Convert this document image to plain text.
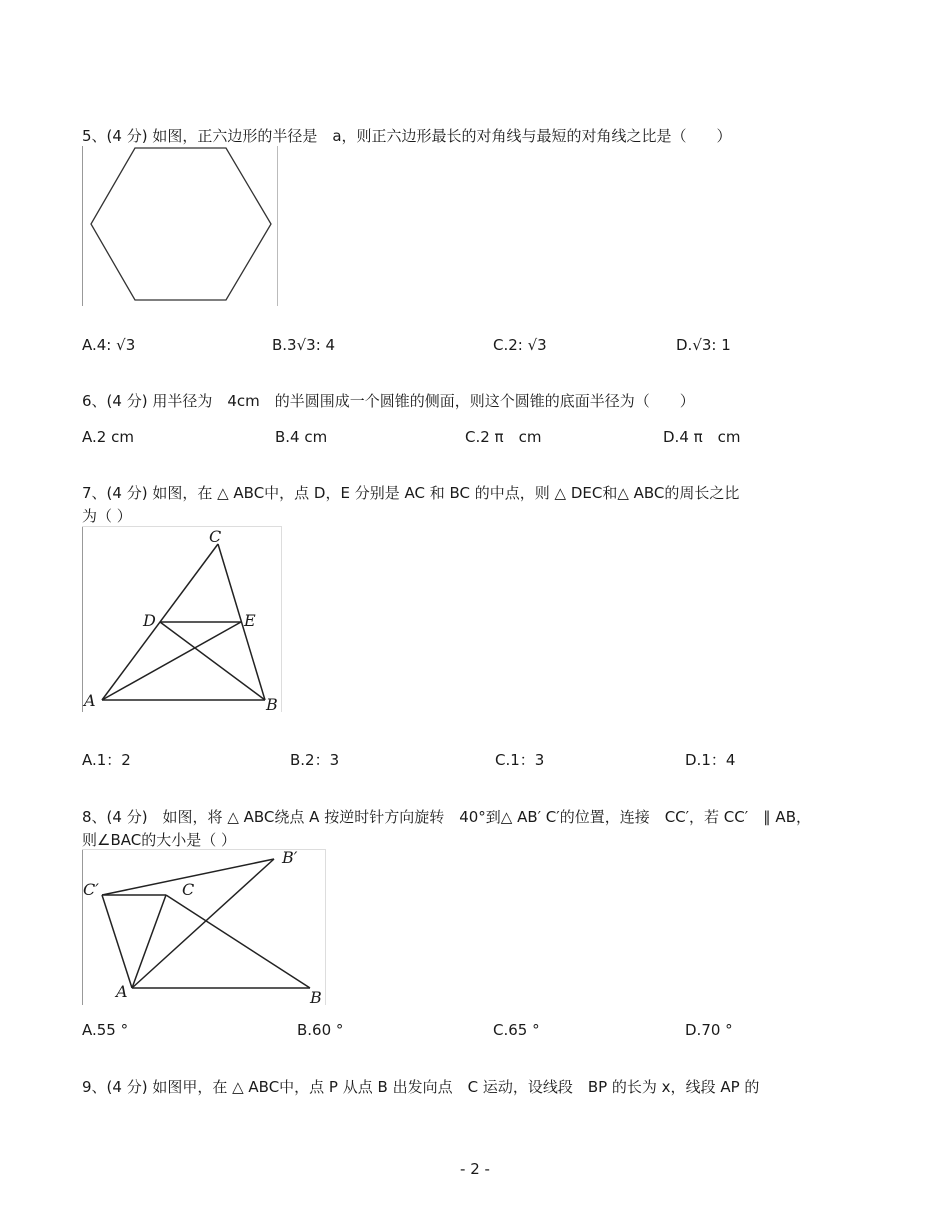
5、(4 分) 如图，正六边形的半径是　a，则正六边形最长的对角线与最短的对角线之比是（　　）
A.4: √3	B.3√3: 4	C.2: √3	D.√3: 1
6、(4 分) 用半径为　4cm　的半圆围成一个圆锥的侧面，则这个圆锥的底面半径为（　　）
A.2 cm	B.4 cm	C.2 π　cm	D.4 π　cm
7、(4 分) 如图，在 △ ABC中，点 D，E 分别是 AC 和 BC 的中点，则 △ DEC和△ ABC的周长之比
为（ ）
C
D	E
A	B
A.1：2	B.2：3	C.1：3	D.1：4
8、(4 分)　如图，将 △ ABC绕点 A 按逆时针方向旋转　40°到△ AB′ C′的位置，连接　CC′，若 CC′　∥ AB，
则∠BAC的大小是（ ）
C′	C
B′
A	B
A.55 °	B.60 °	C.65 °	D.70 °
9、(4 分) 如图甲，在 △ ABC中，点 P 从点 B 出发向点　C 运动，设线段　BP 的长为 x，线段 AP 的
- 2 -
